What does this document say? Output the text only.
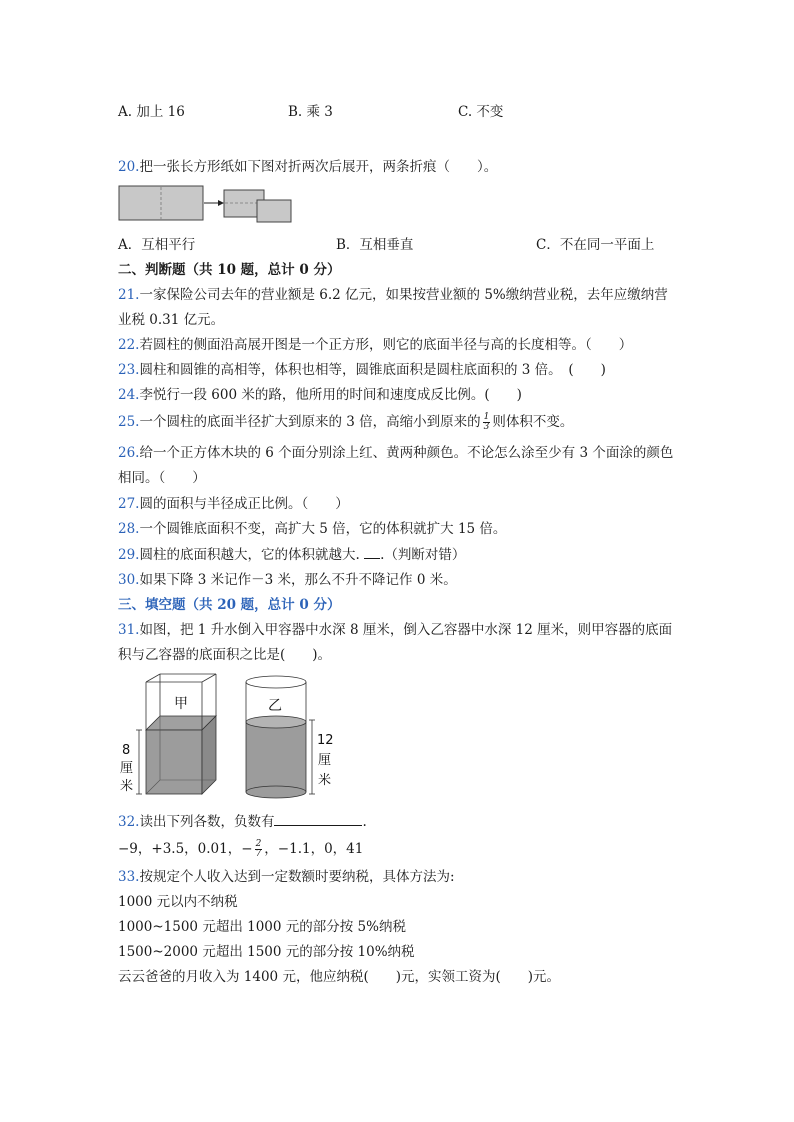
A. 加上 16	B. 乘 3	C. 不变
20.把一张长方形纸如下图对折两次后展开，两条折痕（　　）。
A．互相平行	B．互相垂直	C．不在同一平面上
二、判断题（共 10 题，总计 0 分）
21.一家保险公司去年的营业额是 6.2 亿元，如果按营业额的 5%缴纳营业税，去年应缴纳营
业税 0.31 亿元。
22.若圆柱的侧面沿高展开图是一个正方形，则它的底面半径与高的长度相等。（　　）
23.圆柱和圆锥的高相等，体积也相等，圆锥底面积是圆柱底面积的 3 倍。　(　　)
24.李悦行一段 600 米的路，他所用的时间和速度成反比例。(　　)
25.一个圆柱的底面半径扩大到原来的 3 倍，高缩小到原来的 $\frac{1}{3}$ 则体积不变。
26.给一个正方体木块的 6 个面分别涂上红、黄两种颜色。不论怎么涂至少有 3 个面涂的颜色
相同。（　　）
27.圆的面积与半径成正比例。（　　）
28.一个圆锥底面积不变，高扩大 5 倍，它的体积就扩大 15 倍。
29.圆柱的底面积越大，它的体积就越大. .（判断对错）
30.如果下降 3 米记作－3 米，那么不升不降记作 0 米。
三、填空题（共 20 题，总计 0 分）
31.如图，把 1 升水倒入甲容器中水深 8 厘米，倒入乙容器中水深 12 厘米，则甲容器的底面
积与乙容器的底面积之比是(　　)。
甲
8
厘
米
乙
12
厘
米
32.读出下列各数，负数有	.
−9，+3.5，0.01，− $\frac{2}{7}$ ，−1.1，0，41
33.按规定个人收入达到一定数额时要纳税，具体方法为:
1000 元以内不纳税
1000~1500 元超出 1000 元的部分按 5%纳税
1500~2000 元超出 1500 元的部分按 10%纳税
云云爸爸的月收入为 1400 元，他应纳税(　　)元，实领工资为(　　)元。
